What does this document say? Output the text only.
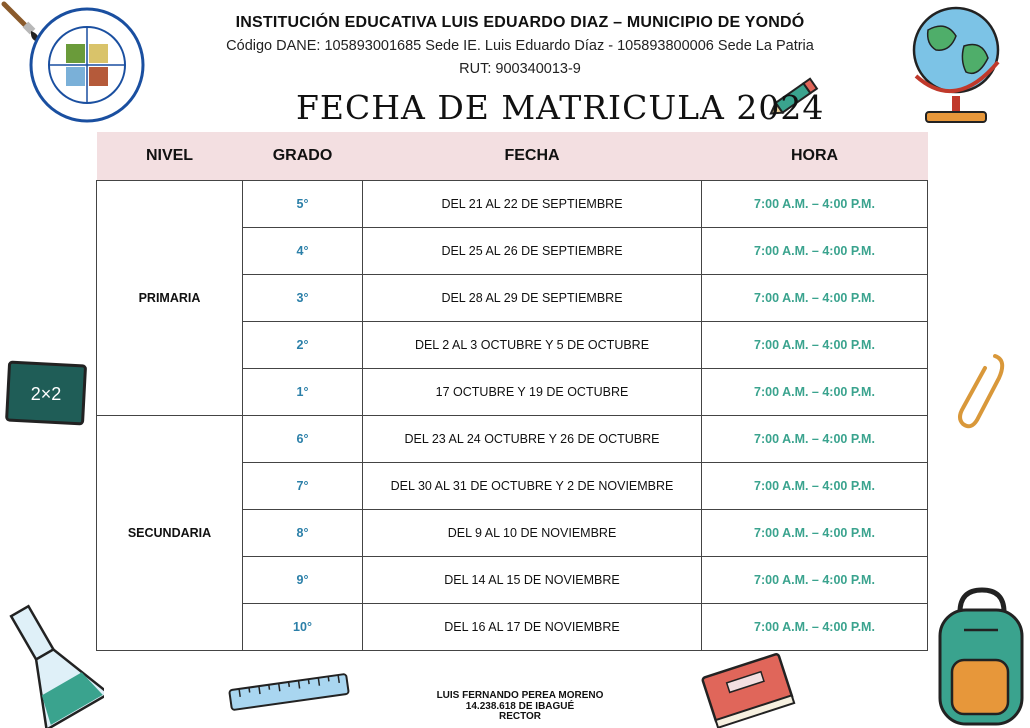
2×2
INSTITUCIÓN EDUCATIVA LUIS EDUARDO DIAZ – MUNICIPIO DE YONDÓ
Código DANE: 105893001685 Sede IE. Luis Eduardo Díaz - 105893800006 Sede La Patria
RUT: 900340013-9
FECHA DE MATRICULA 2024
NIVEL	GRADO	FECHA	HORA
PRIMARIA	5°	DEL 21 AL 22 DE SEPTIEMBRE	7:00 A.M. – 4:00 P.M.
	4°	DEL 25 AL 26 DE SEPTIEMBRE	7:00 A.M. – 4:00 P.M.
	3°	DEL 28 AL 29 DE SEPTIEMBRE	7:00 A.M. – 4:00 P.M.
	2°	DEL 2 AL 3 OCTUBRE Y 5 DE OCTUBRE	7:00 A.M. – 4:00 P.M.
	1°	17 OCTUBRE Y 19 DE OCTUBRE	7:00 A.M. – 4:00 P.M.
SECUNDARIA	6°	DEL 23 AL 24 OCTUBRE Y 26 DE OCTUBRE	7:00 A.M. – 4:00 P.M.
	7°	DEL 30 AL 31 DE OCTUBRE Y 2 DE NOVIEMBRE	7:00 A.M. – 4:00 P.M.
	8°	DEL 9 AL 10 DE NOVIEMBRE	7:00 A.M. – 4:00 P.M.
	9°	DEL 14 AL 15 DE NOVIEMBRE	7:00 A.M. – 4:00 P.M.
	10°	DEL 16 AL 17 DE NOVIEMBRE	7:00 A.M. – 4:00 P.M.
LUIS FERNANDO PEREA MORENO
14.238.618 DE IBAGUÉ
RECTOR
